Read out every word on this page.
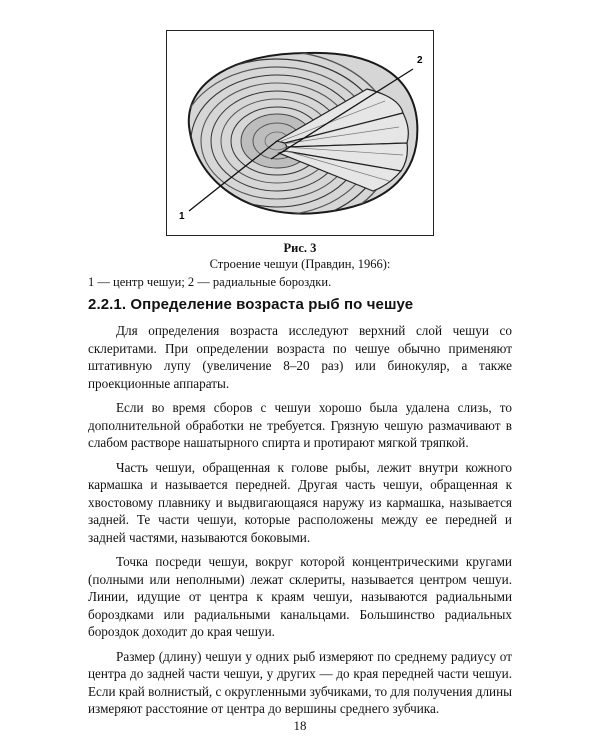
1
2
Рис. 3
Строение чешуи (Правдин, 1966):
1 — центр чешуи; 2 — радиальные бороздки.
2.2.1. Определение возраста рыб по чешуе

Для определения возраста исследуют верхний слой чешуи со склеритами. При определении возраста по чешуе обычно применяют штативную лупу (увеличение 8–20 раз) или бинокуляр, а также проекционные аппараты.

Если во время сборов с чешуи хорошо была удалена слизь, то дополнительной обработки не требуется. Грязную чешую размачивают в слабом растворе нашатырного спирта и протирают мягкой тряпкой.

Часть чешуи, обращенная к голове рыбы, лежит внутри кожного кармашка и называется передней. Другая часть чешуи, обращенная к хвостовому плавнику и выдвигающаяся наружу из кармашка, называется задней. Те части чешуи, которые расположены между ее передней и задней частями, называются боковыми.

Точка посреди чешуи, вокруг которой концентрическими кругами (полными или неполными) лежат склериты, называется центром чешуи. Линии, идущие от центра к краям чешуи, называются радиальными бороздками или радиальными канальцами. Большинство радиальных бороздок доходит до края чешуи.

Размер (длину) чешуи у одних рыб измеряют по среднему радиусу от центра до задней части чешуи, у других — до края передней части чешуи. Если край волнистый, с округленными зубчиками, то для получения длины измеряют расстояние от центра до вершины среднего зубчика.

18
